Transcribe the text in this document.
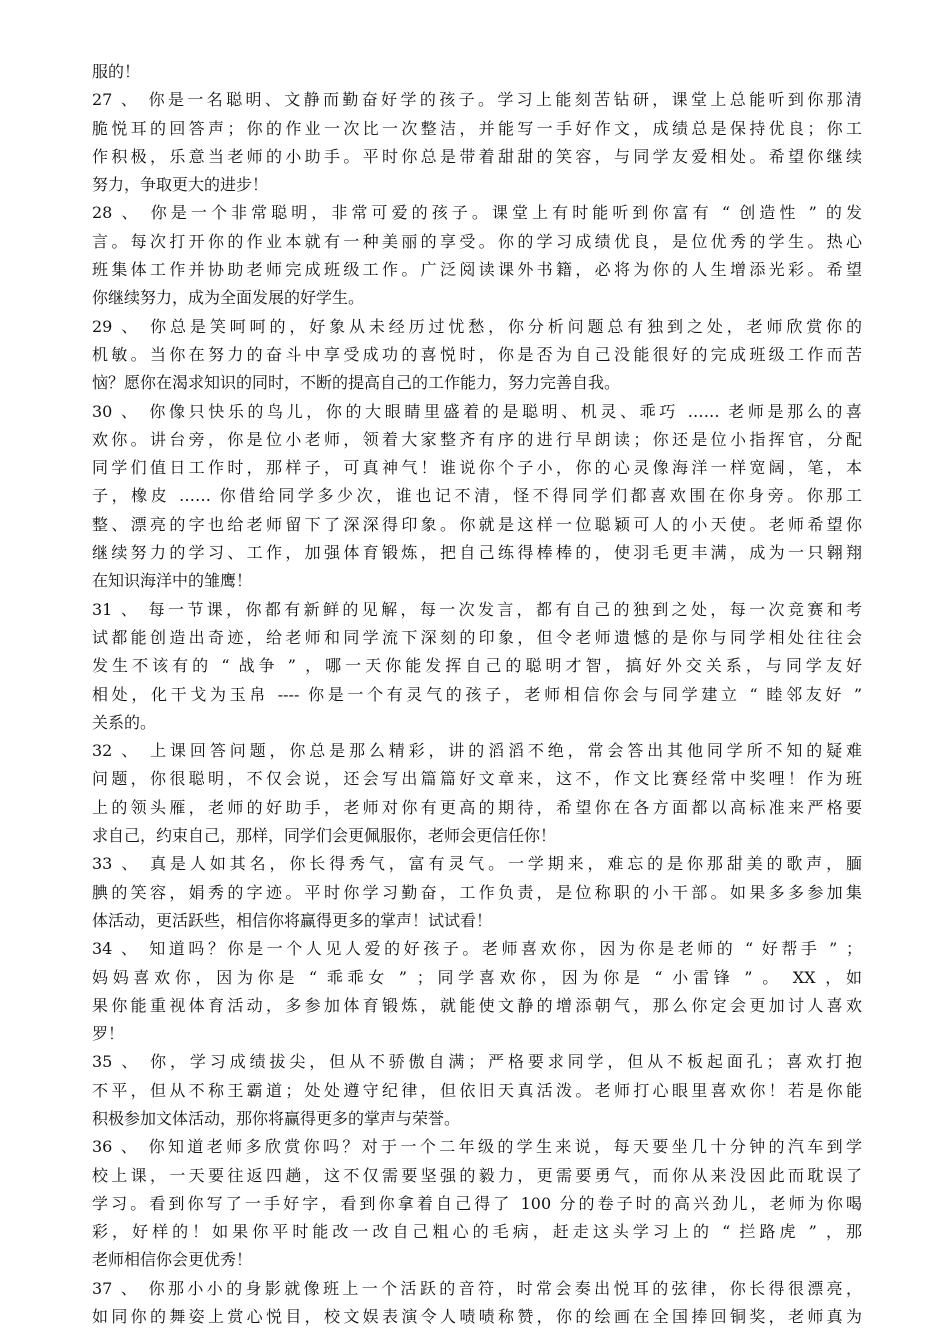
服的！
27 、 你是一名聪明、文静而勤奋好学的孩子。学习上能刻苦钻研，课堂上总能听到你那清
脆悦耳的回答声；你的作业一次比一次整洁，并能写一手好作文，成绩总是保持优良；你工
作积极，乐意当老师的小助手。平时你总是带着甜甜的笑容，与同学友爱相处。希望你继续
努力，争取更大的进步！
28 、 你是一个非常聪明，非常可爱的孩子。课堂上有时能听到你富有 “ 创造性 ” 的发
言。每次打开你的作业本就有一种美丽的享受。你的学习成绩优良，是位优秀的学生。热心
班集体工作并协助老师完成班级工作。广泛阅读课外书籍，必将为你的人生增添光彩。希望
你继续努力，成为全面发展的好学生。
29 、 你总是笑呵呵的，好象从未经历过忧愁，你分析问题总有独到之处，老师欣赏你的
机敏。当你在努力的奋斗中享受成功的喜悦时，你是否为自己没能很好的完成班级工作而苦
恼？愿你在渴求知识的同时，不断的提高自己的工作能力，努力完善自我。
30 、 你像只快乐的鸟儿，你的大眼睛里盛着的是聪明、机灵、乖巧 …… 老师是那么的喜
欢你。讲台旁，你是位小老师，领着大家整齐有序的进行早朗读；你还是位小指挥官，分配
同学们值日工作时，那样子，可真神气！谁说你个子小，你的心灵像海洋一样宽阔，笔，本
子，橡皮 …… 你借给同学多少次，谁也记不清，怪不得同学们都喜欢围在你身旁。你那工
整、漂亮的字也给老师留下了深深得印象。你就是这样一位聪颖可人的小天使。老师希望你
继续努力的学习、工作，加强体育锻炼，把自己练得棒棒的，使羽毛更丰满，成为一只翱翔
在知识海洋中的雏鹰！
31 、 每一节课，你都有新鲜的见解，每一次发言，都有自己的独到之处，每一次竞赛和考
试都能创造出奇迹，给老师和同学流下深刻的印象，但令老师遗憾的是你与同学相处往往会
发生不该有的 “ 战争 ” ，哪一天你能发挥自己的聪明才智，搞好外交关系，与同学友好
相处，化干戈为玉帛 ---- 你是一个有灵气的孩子，老师相信你会与同学建立 “ 睦邻友好 ”
关系的。
32 、 上课回答问题，你总是那么精彩，讲的滔滔不绝，常会答出其他同学所不知的疑难
问题，你很聪明，不仅会说，还会写出篇篇好文章来，这不，作文比赛经常中奖哩！作为班
上的领头雁，老师的好助手，老师对你有更高的期待，希望你在各方面都以高标准来严格要
求自己，约束自己，那样，同学们会更佩服你，老师会更信任你！
33 、 真是人如其名，你长得秀气，富有灵气。一学期来，难忘的是你那甜美的歌声，腼
腆的笑容，娟秀的字迹。平时你学习勤奋，工作负责，是位称职的小干部。如果多多参加集
体活动，更活跃些，相信你将赢得更多的掌声！试试看！
34 、 知道吗？你是一个人见人爱的好孩子。老师喜欢你，因为你是老师的 “ 好帮手 ” ；
妈妈喜欢你，因为你是 “ 乖乖女 ” ；同学喜欢你，因为你是 “ 小雷锋 ” 。 XX ，如
果你能重视体育活动，多参加体育锻炼，就能使文静的增添朝气，那么你定会更加讨人喜欢
罗！
35 、 你，学习成绩拔尖，但从不骄傲自满；严格要求同学，但从不板起面孔；喜欢打抱
不平，但从不称王霸道；处处遵守纪律，但依旧天真活泼。老师打心眼里喜欢你！若是你能
积极参加文体活动，那你将赢得更多的掌声与荣誉。
36 、 你知道老师多欣赏你吗？对于一个二年级的学生来说，每天要坐几十分钟的汽车到学
校上课，一天要往返四趟，这不仅需要坚强的毅力，更需要勇气，而你从来没因此而耽误了
学习。看到你写了一手好字，看到你拿着自己得了 100 分的卷子时的高兴劲儿，老师为你喝
彩，好样的！如果你平时能改一改自己粗心的毛病，赶走这头学习上的 “ 拦路虎 ” ，那
老师相信你会更优秀！
37 、 你那小小的身影就像班上一个活跃的音符，时常会奏出悦耳的弦律，你长得很漂亮，
如同你的舞姿上赏心悦目，校文娱表演令人啧啧称赞，你的绘画在全国捧回铜奖，老师真为
